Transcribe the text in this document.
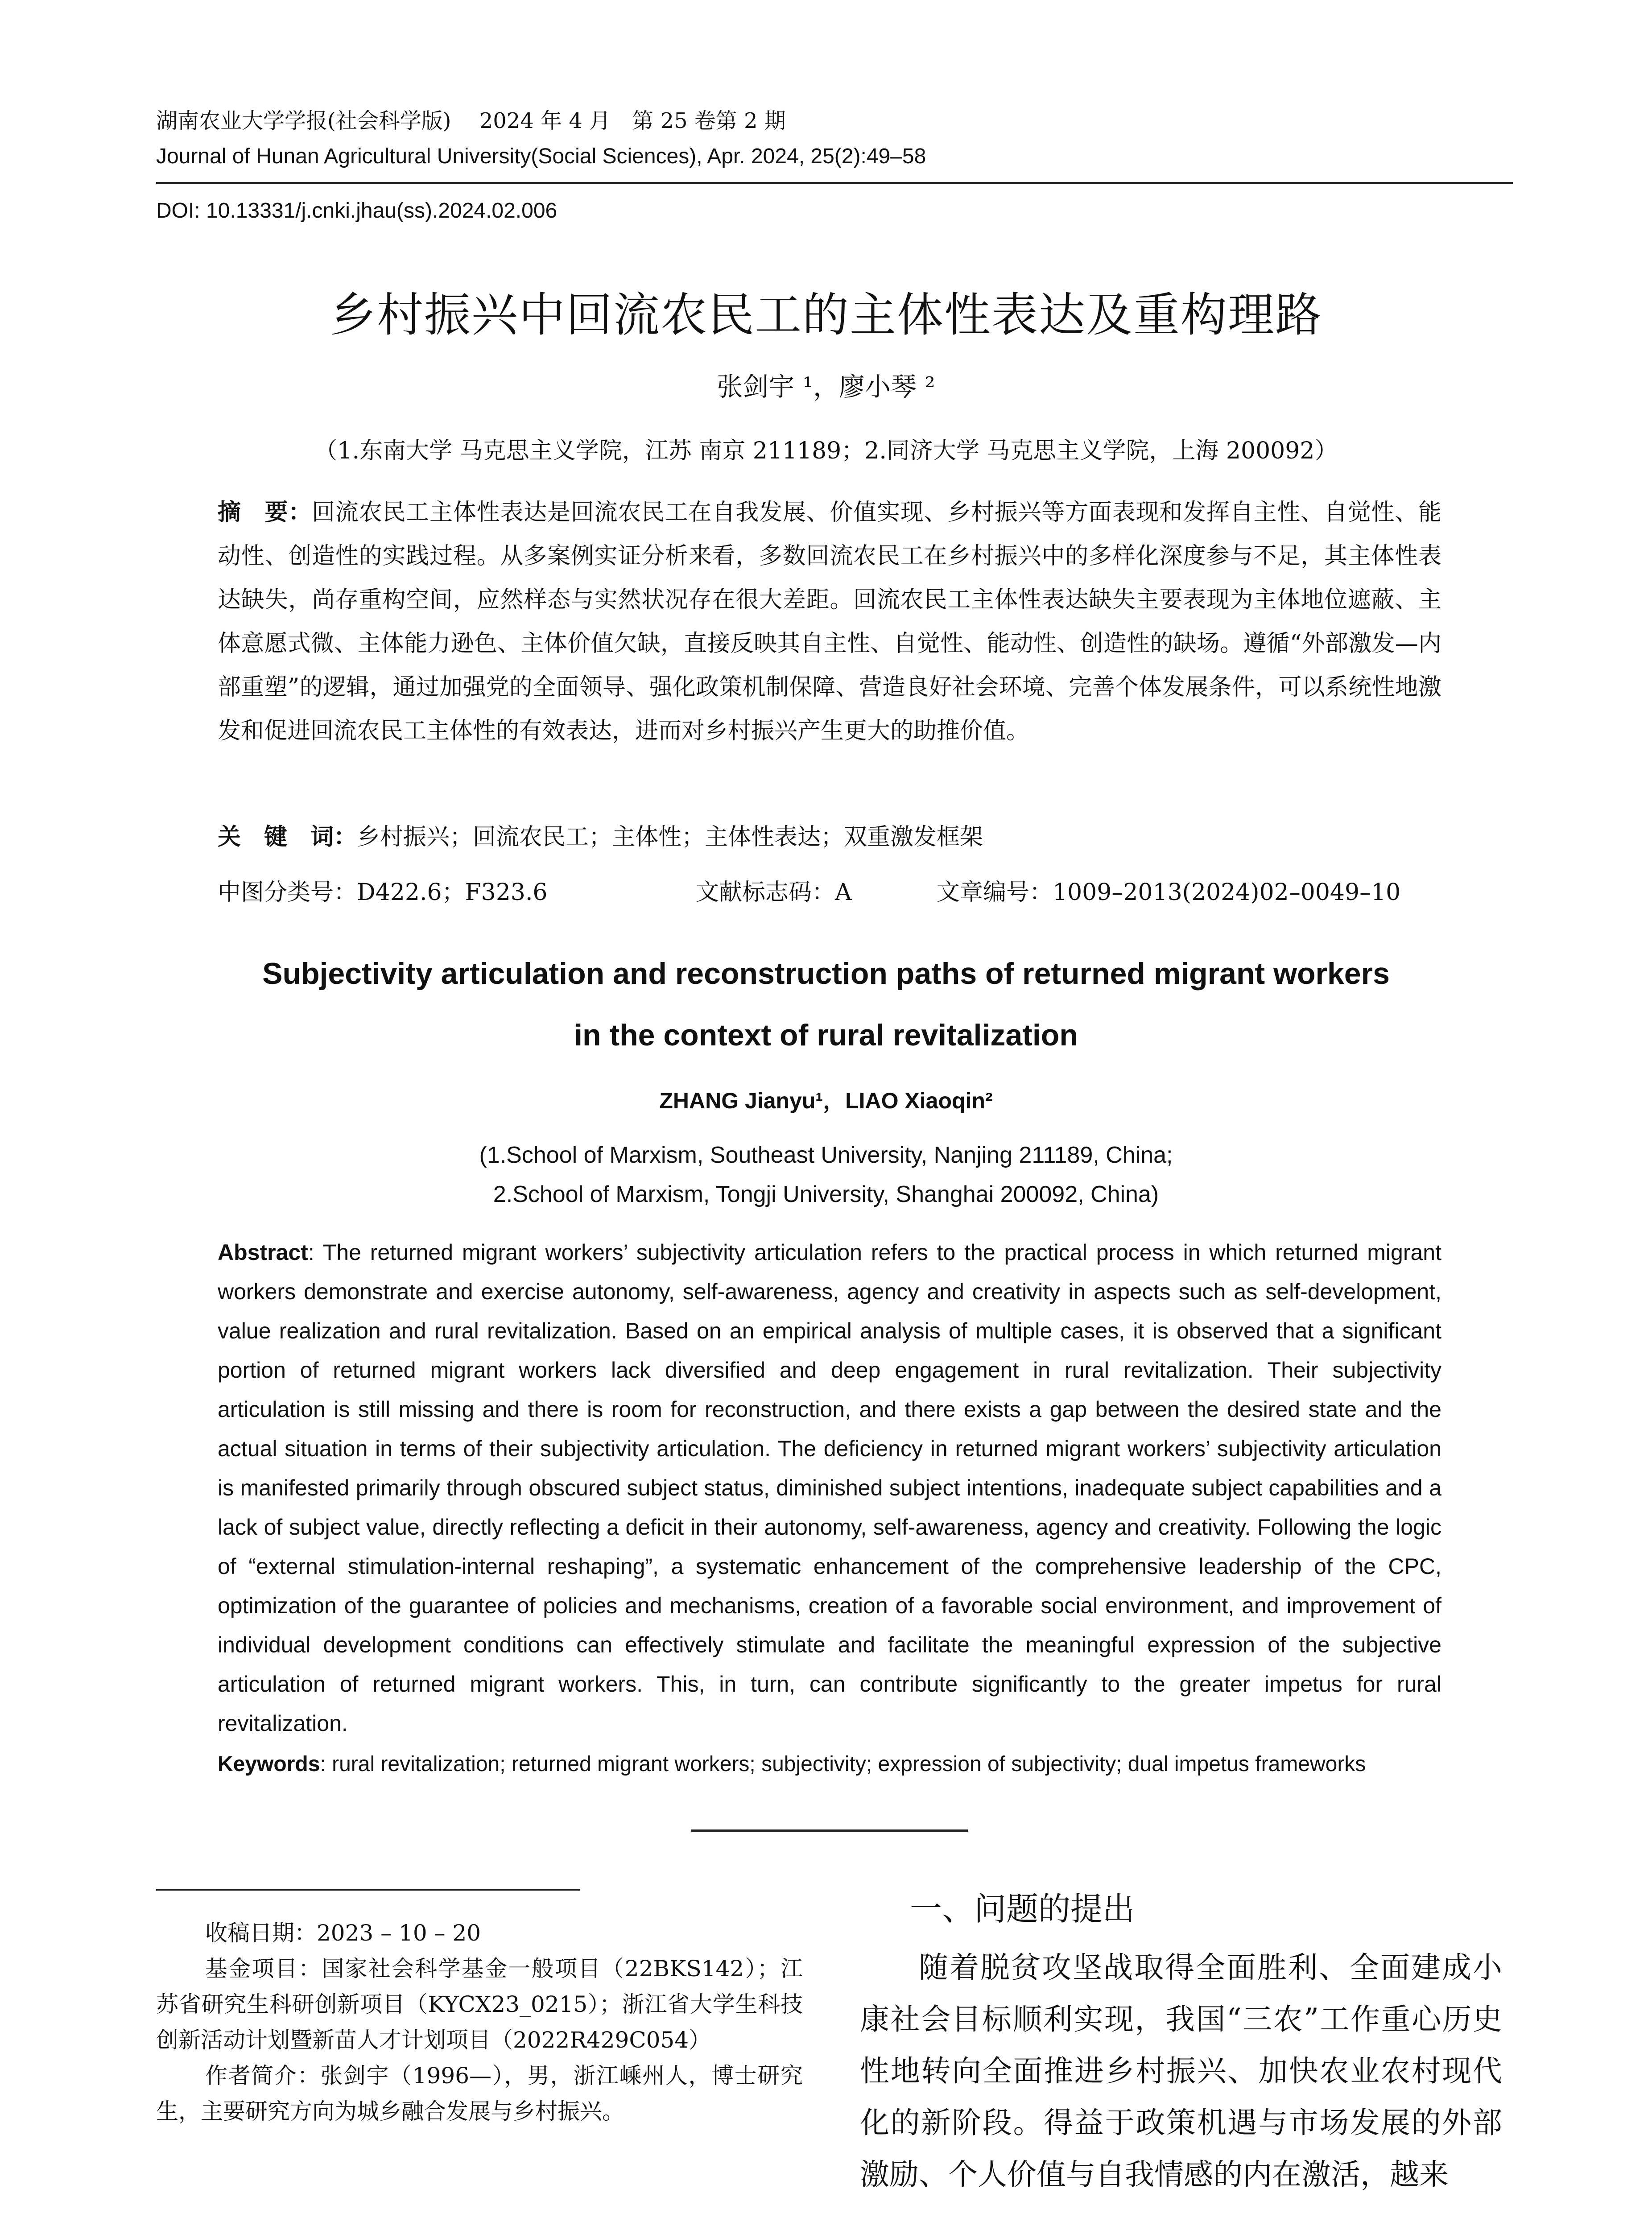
湖南农业大学学报(社会科学版)　 2024 年 4 月　第 25 卷第 2 期
Journal of Hunan Agricultural University(Social Sciences), Apr. 2024, 25(2):49–58
DOI: 10.13331/j.cnki.jhau(ss).2024.02.006
乡村振兴中回流农民工的主体性表达及重构理路
张剑宇 ¹，廖小琴 ²
（1.东南大学 马克思主义学院，江苏 南京 211189；2.同济大学 马克思主义学院，上海 200092）
摘　要：回流农民工主体性表达是回流农民工在自我发展、价值实现、乡村振兴等方面表现和发挥自主性、自觉性、能动性、创造性的实践过程。从多案例实证分析来看，多数回流农民工在乡村振兴中的多样化深度参与不足，其主体性表达缺失，尚存重构空间，应然样态与实然状况存在很大差距。回流农民工主体性表达缺失主要表现为主体地位遮蔽、主体意愿式微、主体能力逊色、主体价值欠缺，直接反映其自主性、自觉性、能动性、创造性的缺场。遵循“外部激发—内部重塑”的逻辑，通过加强党的全面领导、强化政策机制保障、营造良好社会环境、完善个体发展条件，可以系统性地激发和促进回流农民工主体性的有效表达，进而对乡村振兴产生更大的助推价值。
关　键　词：乡村振兴；回流农民工；主体性；主体性表达；双重激发框架
中图分类号：D422.6；F323.6	文献标志码：A	文章编号：1009–2013(2024)02–0049–10
Subjectivity articulation and reconstruction paths of returned migrant workers
in the context of rural revitalization
ZHANG Jianyu¹，LIAO Xiaoqin²
(1.School of Marxism, Southeast University, Nanjing 211189, China;
2.School of Marxism, Tongji University, Shanghai 200092, China)
Abstract: The returned migrant workers’ subjectivity articulation refers to the practical process in which returned migrant workers demonstrate and exercise autonomy, self-awareness, agency and creativity in aspects such as self-development, value realization and rural revitalization. Based on an empirical analysis of multiple cases, it is observed that a significant portion of returned migrant workers lack diversified and deep engagement in rural revitalization. Their subjectivity articulation is still missing and there is room for reconstruction, and there exists a gap between the desired state and the actual situation in terms of their subjectivity articulation. The deficiency in returned migrant workers’ subjectivity articulation is manifested primarily through obscured subject status, diminished subject intentions, inadequate subject capabilities and a lack of subject value, directly reflecting a deficit in their autonomy, self-awareness, agency and creativity. Following the logic of “external stimulation-internal reshaping”, a systematic enhancement of the comprehensive leadership of the CPC, optimization of the guarantee of policies and mechanisms, creation of a favorable social environment, and improvement of individual development conditions can effectively stimulate and facilitate the meaningful expression of the subjective articulation of returned migrant workers. This, in turn, can contribute significantly to the greater impetus for rural revitalization.
Keywords: rural revitalization; returned migrant workers; subjectivity; expression of subjectivity; dual impetus frameworks
收稿日期：2023 – 10 – 20
基金项目：国家社会科学基金一般项目（22BKS142）；江苏省研究生科研创新项目（KYCX23_0215）；浙江省大学生科技创新活动计划暨新苗人才计划项目（2022R429C054）
作者简介：张剑宇（1996—），男，浙江嵊州人，博士研究生，主要研究方向为城乡融合发展与乡村振兴。
一、问题的提出
随着脱贫攻坚战取得全面胜利、全面建成小康社会目标顺利实现，我国“三农”工作重心历史性地转向全面推进乡村振兴、加快农业农村现代化的新阶段。得益于政策机遇与市场发展的外部激励、个人价值与自我情感的内在激活，越来
